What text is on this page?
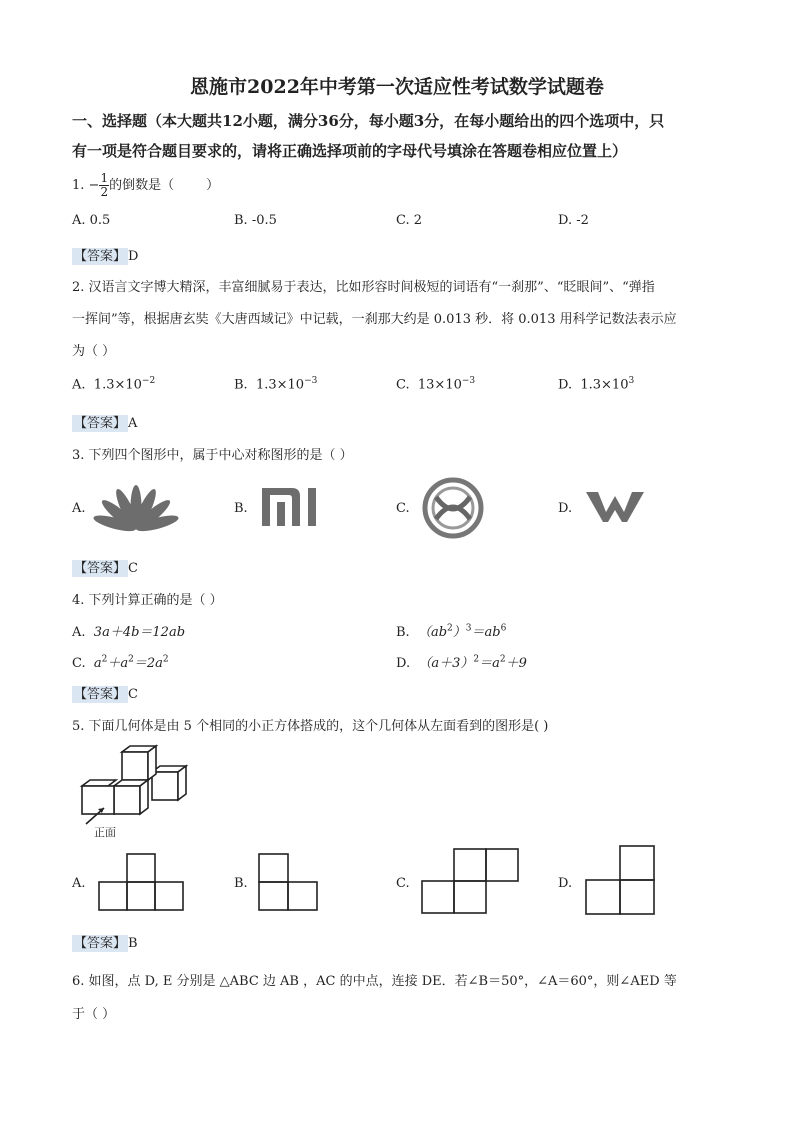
恩施市2022年中考第一次适应性考试数学试题卷
一、选择题（本大题共12小题，满分36分，每小题3分，在每小题给出的四个选项中，只
有一项是符合题目要求的，请将正确选择项前的字母代号填涂在答题卷相应位置上）
1. − $\frac{1}{2}$ 的倒数是（ ）
A. 0.5	B. -0.5	C. 2	D. -2
【答案】 D
2. 汉语言文字博大精深，丰富细腻易于表达，比如形容时间极短的词语有“一刹那”、“眨眼间”、“弹指
一挥间”等，根据唐玄奘《大唐西域记》中记载，一刹那大约是 0.013 秒．将 0.013 用科学记数法表示应
为（ ）
A. $1.3\times 10^{-2}$	B. $1.3\times 10^{-3}$	C. $13\times 10^{-3}$	D. $1.3\times 10^3$
【答案】 A
3. 下列四个图形中，属于中心对称图形的是（ ）
A.	B.	C.	D.
【答案】 C
4. 下列计算正确的是（ ）
A. 3a＋4b＝12ab	B. $(ab^2)^3=ab^6$
C. $a^2+a^2=2a^2$	D. $(a+3)^2=a^2+9$
【答案】 C
5. 下面几何体是由 5 个相同的小正方体搭成的，这个几何体从左面看到的图形是( )
正面
A.	B.	C.	D.
【答案】 B
6. 如图，点 D, E 分别是 △ABC 边 AB ，AC 的中点，连接 DE．若∠B＝50°，∠A＝60°，则∠AED 等
于（ ）
